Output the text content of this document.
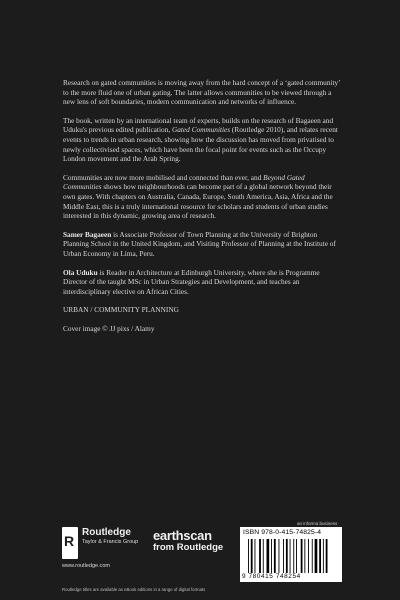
Research on gated communities is moving away from the hard concept of a ‘gated community’ to the more fluid one of urban gating. The latter allows communities to be viewed through a new lens of soft boundaries, modern communication and networks of influence.

The book, written by an international team of experts, builds on the research of Bagaeen and Uduku's previous edited publication, Gated Communities (Routledge 2010), and relates recent events to trends in urban research, showing how the discussion has moved from privatised to newly collectivised spaces, which have been the focal point for events such as the Occupy London movement and the Arab Spring.

Communities are now more mobilised and connected than ever, and Beyond Gated Communities shows how neighbourhoods can become part of a global network beyond their own gates. With chapters on Australia, Canada, Europe, South America, Asia, Africa and the Middle East, this is a truly international resource for scholars and students of urban studies interested in this dynamic, growing area of research.

Samer Bagaeen is Associate Professor of Town Planning at the University of Brighton Planning School in the United Kingdom, and Visiting Professor of Planning at the Institute of Urban Economy in Lima, Peru.

Ola Uduku is Reader in Architecture at Edinburgh University, where she is Programme Director of the taught MSc in Urban Strategies and Development, and teaches an interdisciplinary elective on African Cities.

URBAN / COMMUNITY PLANNING

Cover image © JJ pixs / Alamy

R
Routledge
Taylor & Francis Group
www.routledge.com
earthscan
from Routledge
an informa business
ISBN 978-0-415-74825-4
9 780415 748254
Routledge titles are available as eBook editions in a range of digital formats
